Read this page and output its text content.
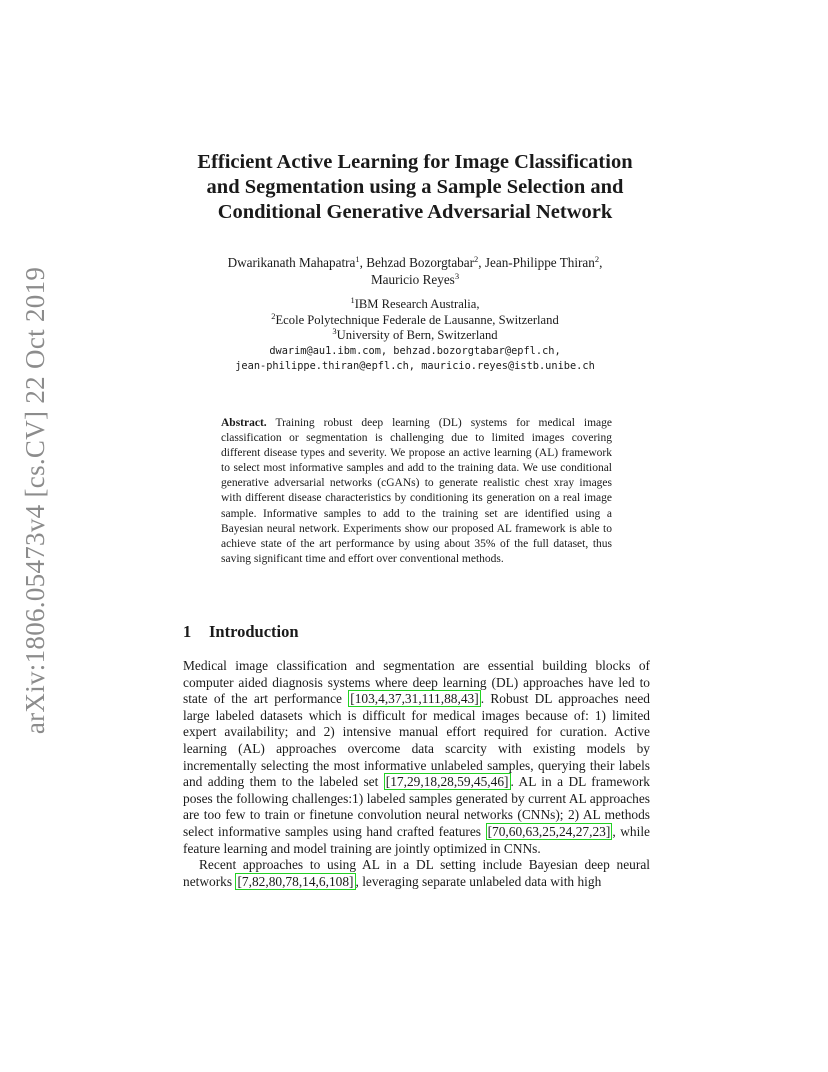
arXiv:1806.05473v4 [cs.CV] 22 Oct 2019
Efficient Active Learning for Image Classification
and Segmentation using a Sample Selection and
Conditional Generative Adversarial Network
Dwarikanath Mahapatra$^1$, Behzad Bozorgtabar$^2$, Jean-Philippe Thiran$^2$,
Mauricio Reyes$^3$
$^1$IBM Research Australia,
$^2$Ecole Polytechnique Federale de Lausanne, Switzerland
$^3$University of Bern, Switzerland
dwarim@au1.ibm.com, behzad.bozorgtabar@epfl.ch,
jean-philippe.thiran@epfl.ch, mauricio.reyes@istb.unibe.ch
Abstract. Training robust deep learning (DL) systems for medical image classification or segmentation is challenging due to limited images covering different disease types and severity. We propose an active learning (AL) framework to select most informative samples and add to the training data. We use conditional generative adversarial networks (cGANs) to generate realistic chest xray images with different disease characteristics by conditioning its generation on a real image sample. Informative samples to add to the training set are identified using a Bayesian neural network. Experiments show our proposed AL framework is able to achieve state of the art performance by using about 35% of the full dataset, thus saving significant time and effort over conventional methods.
1 Introduction

Medical image classification and segmentation are essential building blocks of computer aided diagnosis systems where deep learning (DL) approaches have led to state of the art performance [103,4,37,31,111,88,43] . Robust DL approaches need large labeled datasets which is difficult for medical images because of: 1) limited expert availability; and 2) intensive manual effort required for curation. Active learning (AL) approaches overcome data scarcity with existing models by incrementally selecting the most informative unlabeled samples, querying their labels and adding them to the labeled set [17,29,18,28,59,45,46] . AL in a DL framework poses the following challenges:1) labeled samples generated by current AL approaches are too few to train or finetune convolution neural networks (CNNs); 2) AL methods select informative samples using hand crafted features [70,60,63,25,24,27,23] , while feature learning and model training are jointly optimized in CNNs.

Recent approaches to using AL in a DL setting include Bayesian deep neural networks [7,82,80,78,14,6,108] , leveraging separate unlabeled data with high
